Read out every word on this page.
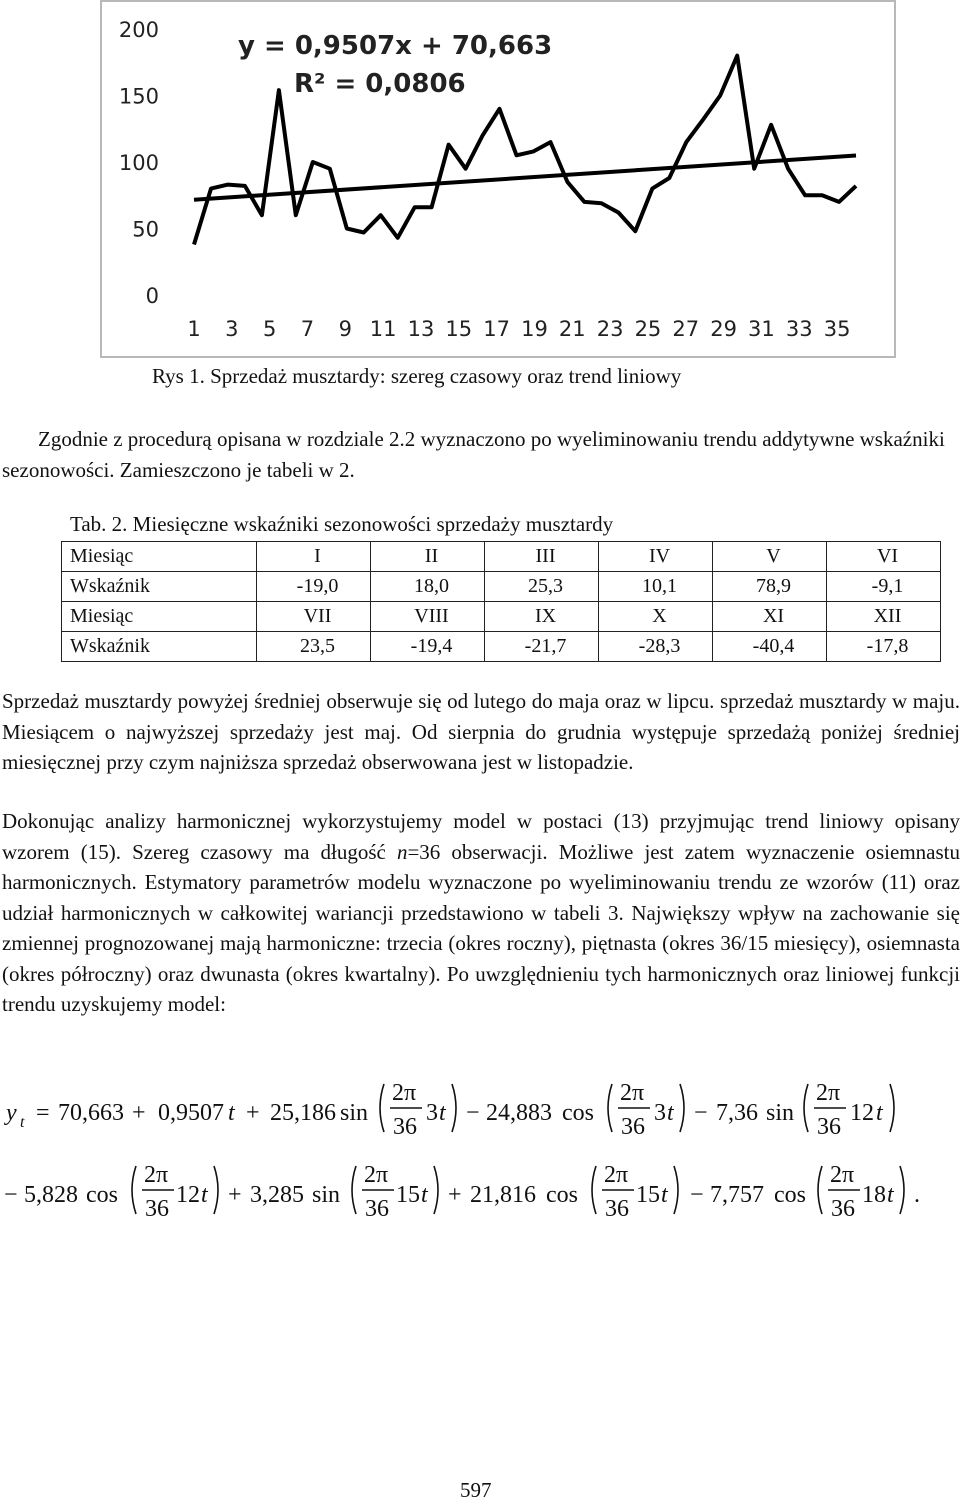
0
50
100
150
200
1 3 5 7 9 11 13 15 17 19 21 23 25 27 29 31 33 35
y = 0,9507x + 70,663
R² = 0,0806
Rys 1. Sprzedaż musztardy: szereg czasowy oraz trend liniowy
Zgodnie z procedurą opisana w rozdziale 2.2 wyznaczono po wyeliminowaniu trendu addytywne wskaźniki sezonowości. Zamieszczono je tabeli w 2.
Tab. 2. Miesięczne wskaźniki sezonowości sprzedaży musztardy
Miesiąc	I	II	III	IV	V	VI
Wskaźnik	-19,0	18,0	25,3	10,1	78,9	-9,1
Miesiąc	VII	VIII	IX	X	XI	XII
Wskaźnik	23,5	-19,4	-21,7	-28,3	-40,4	-17,8
Sprzedaż musztardy powyżej średniej obserwuje się od lutego do maja oraz w lipcu. sprzedaż musztardy w maju. Miesiącem o najwyższej sprzedaży jest maj. Od sierpnia do grudnia występuje sprzedażą poniżej średniej miesięcznej przy czym najniższa sprzedaż obserwowana jest w listopadzie.
Dokonując analizy harmonicznej wykorzystujemy model w postaci (13) przyjmując trend liniowy opisany wzorem (15). Szereg czasowy ma długość n=36 obserwacji. Możliwe jest zatem wyznaczenie osiemnastu harmonicznych. Estymatory parametrów modelu wyznaczone po wyeliminowaniu trendu ze wzorów (11) oraz udział harmonicznych w całkowitej wariancji przedstawiono w tabeli 3. Największy wpływ na zachowanie się zmiennej prognozowanej mają harmoniczne: trzecia (okres roczny), piętnasta (okres 36/15 miesięcy), osiemnasta (okres półroczny) oraz dwunasta (okres kwartalny). Po uwzględnieniu tych harmonicznych oraz liniowej funkcji trendu uzyskujemy model:
y t = 70,663 + 0,9507 t + 25,186 sin
2π
36
3 t − 24,883 cos
2π
36
3 t − 7,36 sin
2π
36
12 t
− 5,828 cos
2π
36
12 t + 3,285 sin
2π
36
15 t + 21,816 cos
2π
36
15 t − 7,757 cos
2π
36
18 t .
597
